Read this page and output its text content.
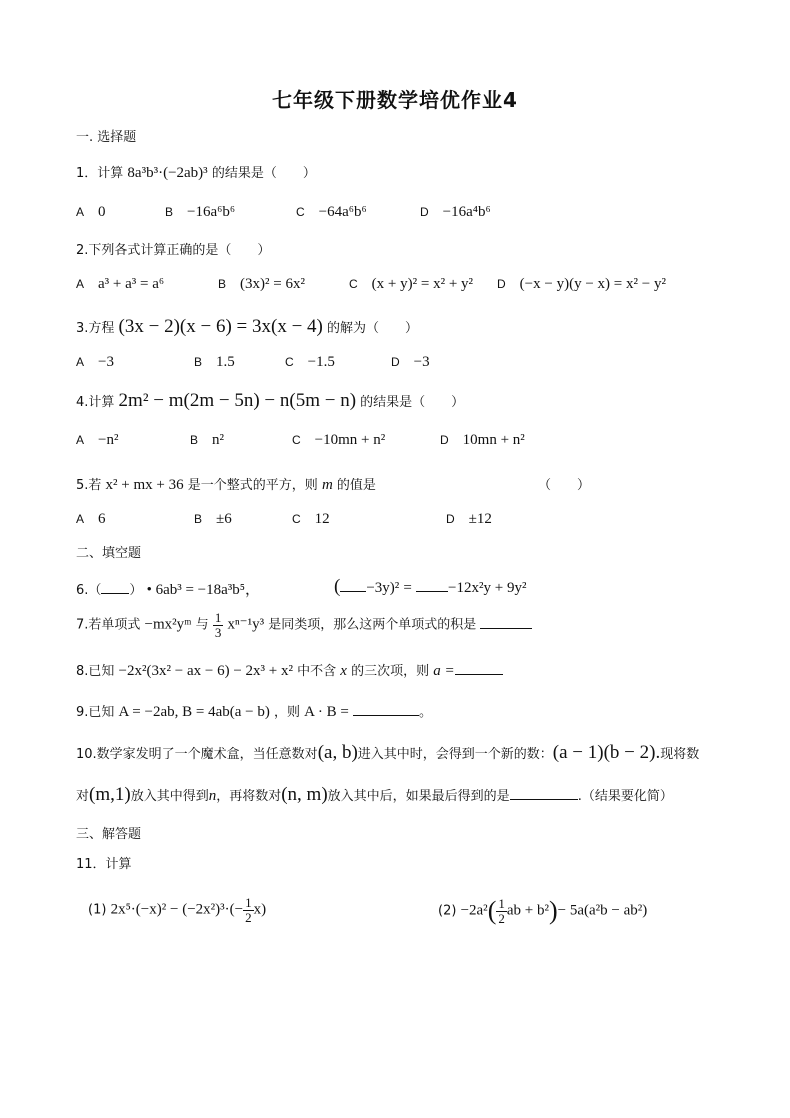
七年级下册数学培优作业4
一. 选择题
1．计算 8a³b³·(−2ab)³ 的结果是（　　）
A 0	B −16a⁶b⁶	C −64a⁶b⁶	D −16a⁴b⁶
2.下列各式计算正确的是（　　）
A a³ + a³ = a⁶	B (3x)² = 6x²	C (x + y)² = x² + y² D (−x − y)(y − x) = x² − y²
3.方程 (3x − 2)(x − 6) = 3x(x − 4) 的解为（　　）
A −3	B 1.5	C −1.5	D −3
4.计算 2m² − m(2m − 5n) − n(5m − n) 的结果是（　　）
A −n²	B n²	C −10mn + n²	D 10mn + n²
5.若 x² + mx + 36 是一个整式的平方，则 m 的值是	（　　）
A 6	B ±6	C 12	D ±12
二、填空题
6.（ ） • 6ab³ = −18a³b⁵，	( −3y)² = −12x²y + 9y²
7.若单项式 −mx²yᵐ 与 $\frac{1}{3} x^{n-1}y^3$ 是同类项，那么这两个单项式的积是
8.已知 −2x²(3x² − ax − 6) − 2x³ + x² 中不含 x 的三次项，则 a =
9.已知 A = −2ab, B = 4ab(a − b) ，则 A · B =	。
10.数学家发明了一个魔术盒，当任意数对(a, b)进入其中时，会得到一个新的数：(a − 1)(b − 2).现将数
对(m,1)放入其中得到n，再将数对(n, m)放入其中后，如果最后得到的是	.（结果要化简）
三、解答题
11．计算
(1) $2x^5\cdot(-x)^2 - (-2x^2)^3\cdot(- \frac{1}{2} x)$	$(2) -2a^2( \frac{1}{2}$ ab + b²)− 5a(a²b − ab²)
